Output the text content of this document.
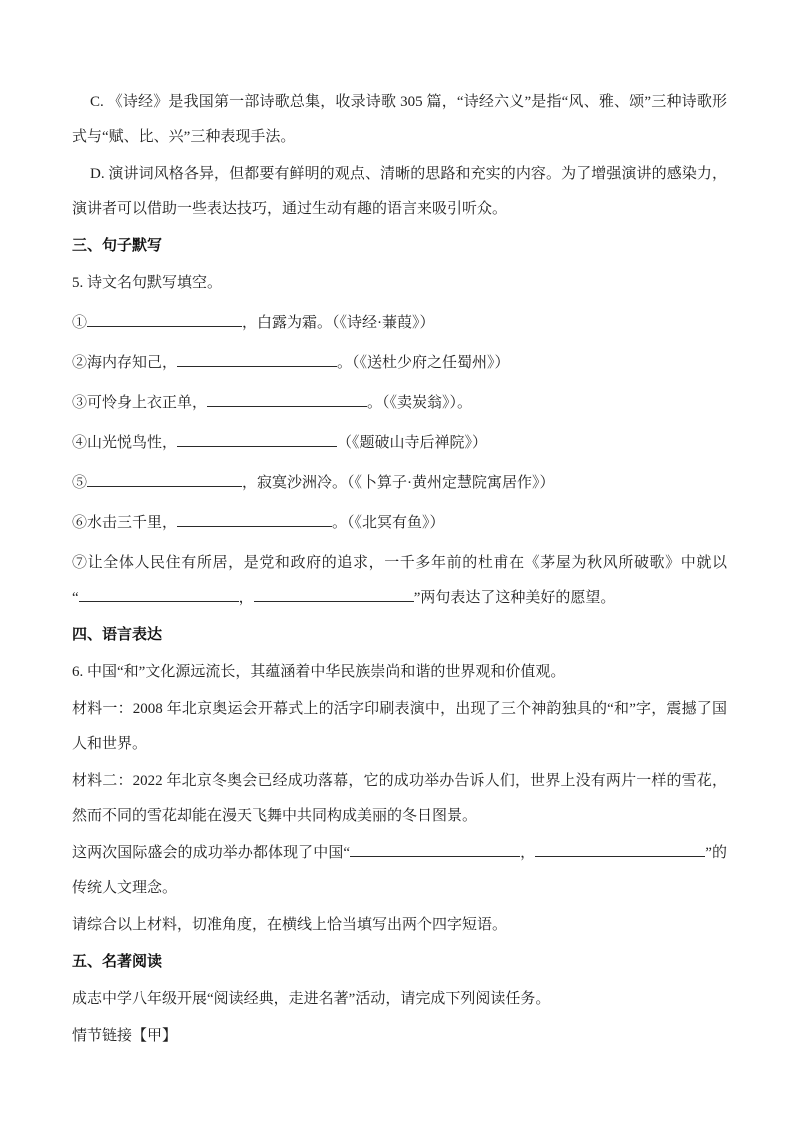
C. 《诗经》是我国第一部诗歌总集，收录诗歌 305 篇，“诗经六义”是指“风、雅、颂”三种诗歌形式与“赋、比、兴”三种表现手法。

D. 演讲词风格各异，但都要有鲜明的观点、清晰的思路和充实的内容。为了增强演讲的感染力，演讲者可以借助一些表达技巧，通过生动有趣的语言来吸引听众。

三、句子默写

5. 诗文名句默写填空。

①	，白露为霜。（《诗经·蒹葭》）

②海内存知己，	。（《送杜少府之任蜀州》）

③可怜身上衣正单，	。（《卖炭翁》）。

④山光悦鸟性，	（《题破山寺后禅院》）

⑤	，寂寞沙洲冷。（《卜算子·黄州定慧院寓居作》）

⑥水击三千里，	。（《北冥有鱼》）

⑦让全体人民住有所居，是党和政府的追求，一千多年前的杜甫在《茅屋为秋风所破歌》中就以

“	，	”两句表达了这种美好的愿望。

四、语言表达

6. 中国“和”文化源远流长，其蕴涵着中华民族崇尚和谐的世界观和价值观。

材料一：2008 年北京奥运会开幕式上的活字印刷表演中，出现了三个神韵独具的“和”字，震撼了国人和世界。

材料二：2022 年北京冬奥会已经成功落幕，它的成功举办告诉人们，世界上没有两片一样的雪花，然而不同的雪花却能在漫天飞舞中共同构成美丽的冬日图景。

这两次国际盛会的成功举办都体现了中国“	，	”的

传统人文理念。

请综合以上材料，切准角度，在横线上恰当填写出两个四字短语。

五、名著阅读

成志中学八年级开展“阅读经典，走进名著”活动，请完成下列阅读任务。

情节链接【甲】
